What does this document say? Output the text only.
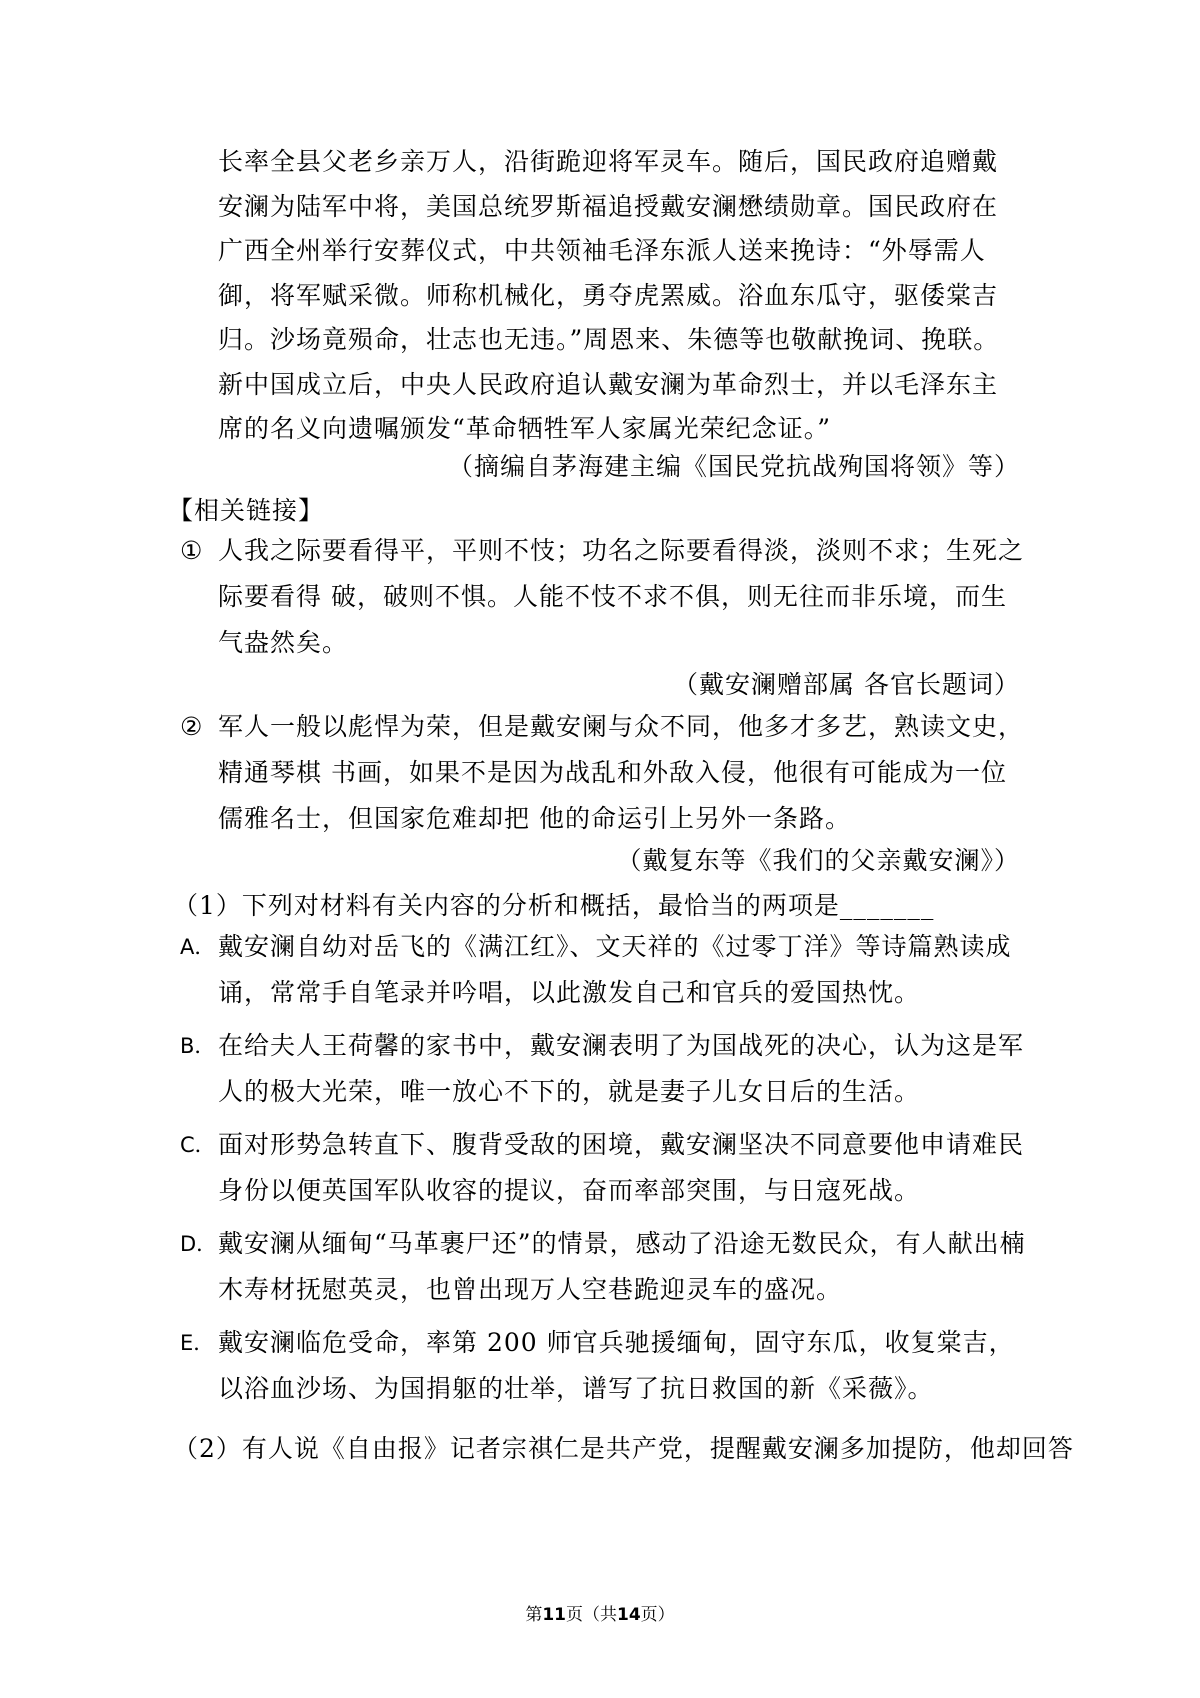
长率全县父老乡亲万人，沿街跪迎将军灵车。随后，国民政府追赠戴安澜为陆军中将，美国总统罗斯福追授戴安澜懋绩勋章。国民政府在广西全州举行安葬仪式，中共领袖毛泽东派人送来挽诗：“外辱需人御，将军赋采微。师称机械化，勇夺虎罴威。浴血东瓜守，驱倭棠吉归。沙场竟殒命，壮志也无违。”周恩来、朱德等也敬献挽词、挽联。新中国成立后，中央人民政府追认戴安澜为革命烈士，并以毛泽东主席的名义向遗嘱颁发“革命牺牲军人家属光荣纪念证。”

（摘编自茅海建主编《国民党抗战殉国将领》等）

【相关链接】

① 人我之际要看得平，平则不忮；功名之际要看得淡，淡则不求；生死之际要看得 破，破则不惧。人能不忮不求不俱，则无往而非乐境，而生气盎然矣。

（戴安澜赠部属 各官长题词）

② 军人一般以彪悍为荣，但是戴安阑与众不同，他多才多艺，熟读文史，精通琴棋 书画，如果不是因为战乱和外敌入侵，他很有可能成为一位儒雅名士，但国家危难却把 他的命运引上另外一条路。

（戴复东等《我们的父亲戴安澜》）

（1）下列对材料有关内容的分析和概括，最恰当的两项是_______

A． 戴安澜自幼对岳飞的《满江红》、文天祥的《过零丁洋》等诗篇熟读成诵，常常手自笔录并吟唱，以此激发自己和官兵的爱国热忱。
B． 在给夫人王荷馨的家书中，戴安澜表明了为国战死的决心，认为这是军人的极大光荣，唯一放心不下的，就是妻子儿女日后的生活。
C． 面对形势急转直下、腹背受敌的困境，戴安澜坚决不同意要他申请难民身份以便英国军队收容的提议，奋而率部突围，与日寇死战。
D． 戴安澜从缅甸“马革裹尸还”的情景，感动了沿途无数民众，有人献出楠木寿材抚慰英灵，也曾出现万人空巷跪迎灵车的盛况。
E． 戴安澜临危受命，率第 200 师官兵驰援缅甸，固守东瓜，收复棠吉，以浴血沙场、为国捐躯的壮举，谱写了抗日救国的新《采薇》。

（2）有人说《自由报》记者宗祺仁是共产党，提醒戴安澜多加提防，他却回答

第11页（共14页）
